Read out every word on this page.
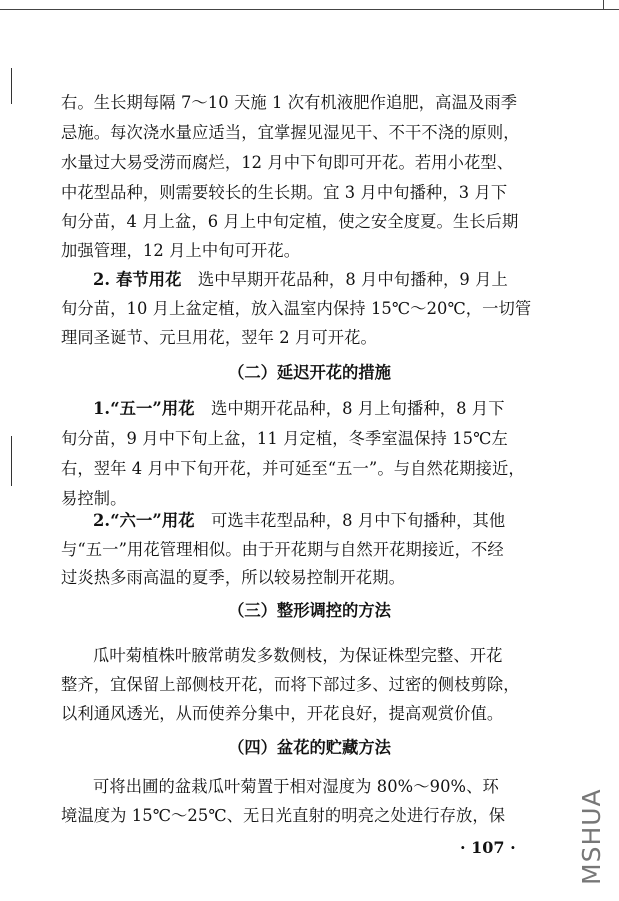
右。生长期每隔 7～10 天施 1 次有机液肥作追肥，高温及雨季
忌施。每次浇水量应适当，宜掌握见湿见干、不干不浇的原则，
水量过大易受涝而腐烂，12 月中下旬即可开花。若用小花型、
中花型品种，则需要较长的生长期。宜 3 月中旬播种，3 月下
旬分苗，4 月上盆，6 月上中旬定植，使之安全度夏。生长后期
加强管理，12 月上中旬可开花。
2. 春节用花　选中早期开花品种，8 月中旬播种，9 月上
旬分苗，10 月上盆定植，放入温室内保持 15℃～20℃，一切管
理同圣诞节、元旦用花，翌年 2 月可开花。
（二）延迟开花的措施
1.“五一”用花　选中期开花品种，8 月上旬播种，8 月下
旬分苗，9 月中下旬上盆，11 月定植，冬季室温保持 15℃左
右，翌年 4 月中下旬开花，并可延至“五一”。与自然花期接近，
易控制。
2.“六一”用花　可选丰花型品种，8 月中下旬播种，其他
与“五一”用花管理相似。由于开花期与自然开花期接近，不经
过炎热多雨高温的夏季，所以较易控制开花期。
（三）整形调控的方法
瓜叶菊植株叶腋常萌发多数侧枝，为保证株型完整、开花
整齐，宜保留上部侧枝开花，而将下部过多、过密的侧枝剪除，
以利通风透光，从而使养分集中，开花良好，提高观赏价值。
（四）盆花的贮藏方法
可将出圃的盆栽瓜叶菊置于相对湿度为 80%～90%、环
境温度为 15℃～25℃、无日光直射的明亮之处进行存放，保
· 107 ·	MSHUA
